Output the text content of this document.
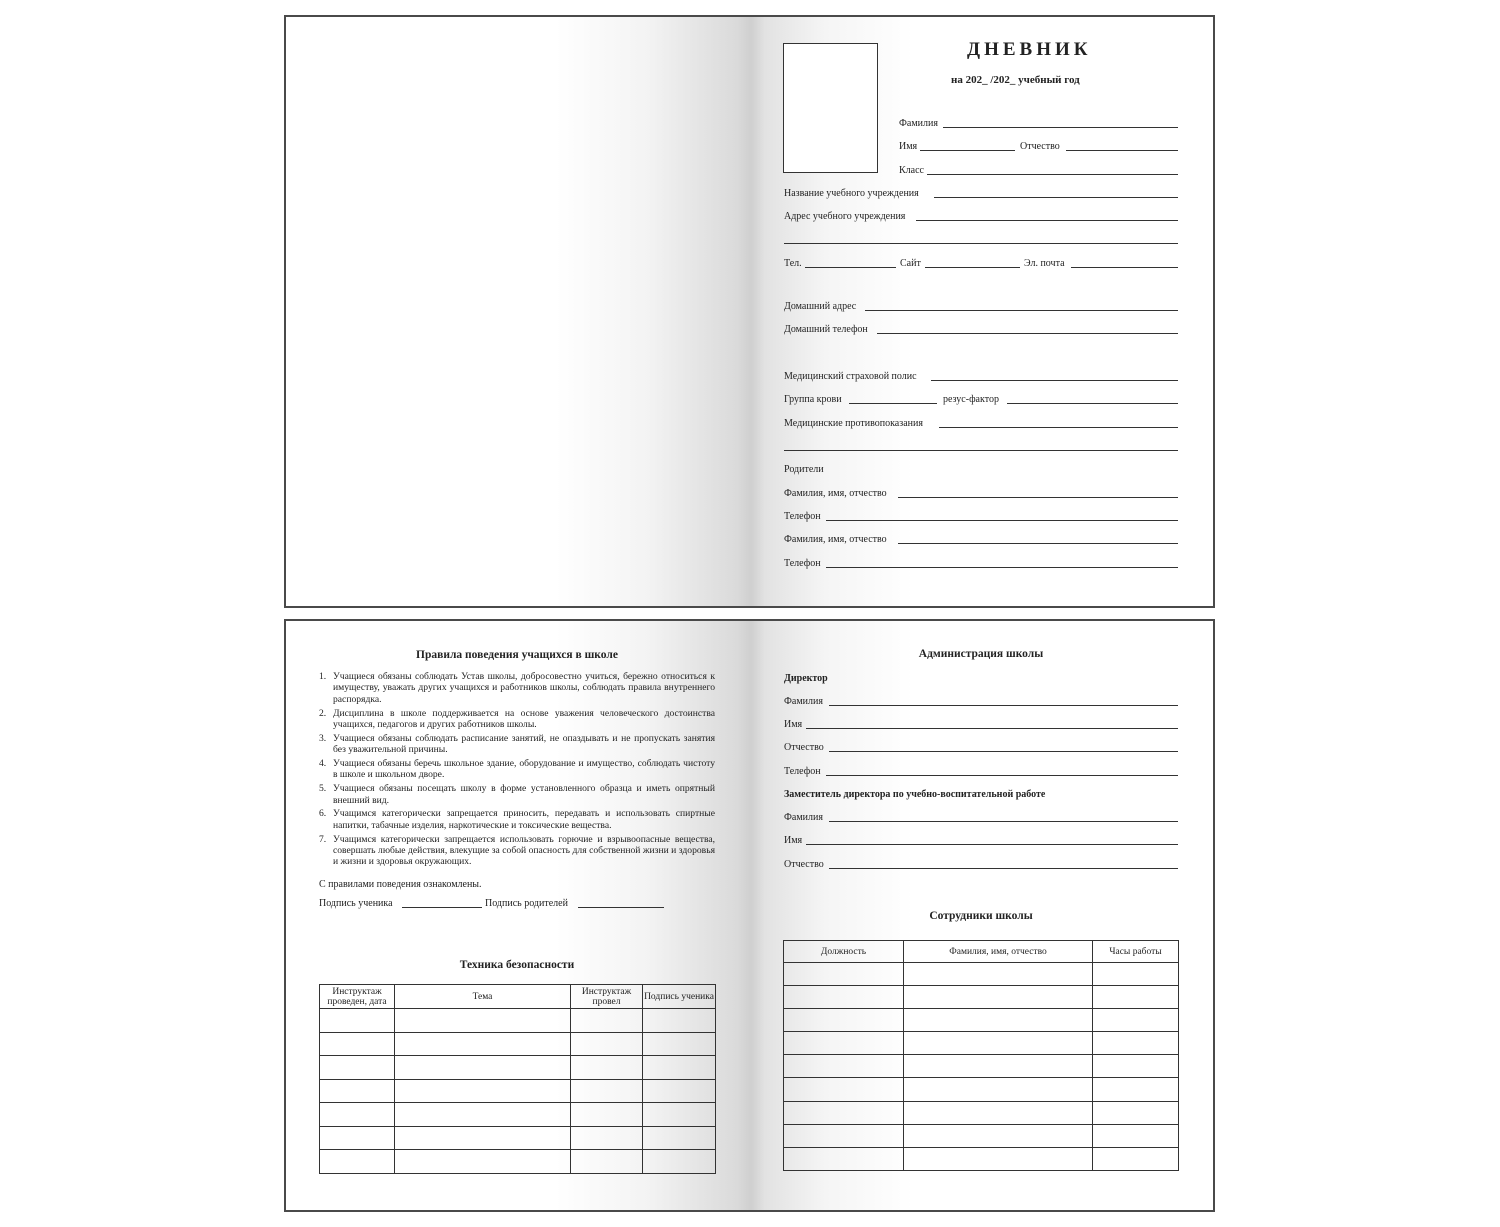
ДНЕВНИК
на 202_ /202_ учебный год
Фамилия
Имя	Отчество
Класс
Название учебного учреждения
Адрес учебного учреждения
Тел.	Сайт	Эл. почта
Домашний адрес
Домашний телефон
Медицинский страховой полис
Группа крови	резус-фактор
Медицинские противопоказания
Родители
Фамилия, имя, отчество
Телефон
Фамилия, имя, отчество
Телефон
Правила поведения учащихся в школе
1. Учащиеся обязаны соблюдать Устав школы, добросовестно учиться, бережно относиться к имуществу, уважать других учащихся и работников школы, соблюдать правила внутреннего распорядка.
2. Дисциплина в школе поддерживается на основе уважения человеческого достоинства учащихся, педагогов и других работников школы.
3. Учащиеся обязаны соблюдать расписание занятий, не опаздывать и не пропускать занятия без уважительной причины.
4. Учащиеся обязаны беречь школьное здание, оборудование и имущество, соблюдать чистоту в школе и школьном дворе.
5. Учащиеся обязаны посещать школу в форме установленного образца и иметь опрятный внешний вид.
6. Учащимся категорически запрещается приносить, передавать и использовать спиртные напитки, табачные изделия, наркотические и токсические вещества.
7. Учащимся категорически запрещается использовать горючие и взрывоопасные вещества, совершать любые действия, влекущие за собой опасность для собственной жизни и здоровья и жизни и здоровья окружающих.
С правилами поведения ознакомлены.
Подпись ученика	Подпись родителей
Техника безопасности
Инструктаж проведен, дата	Тема	Инструктаж провел	Подпись ученика

Администрация школы
Директор
Фамилия
Имя
Отчество
Телефон
Заместитель директора по учебно-воспитательной работе
Фамилия
Имя
Отчество
Сотрудники школы
Должность	Фамилия, имя, отчество	Часы работы
